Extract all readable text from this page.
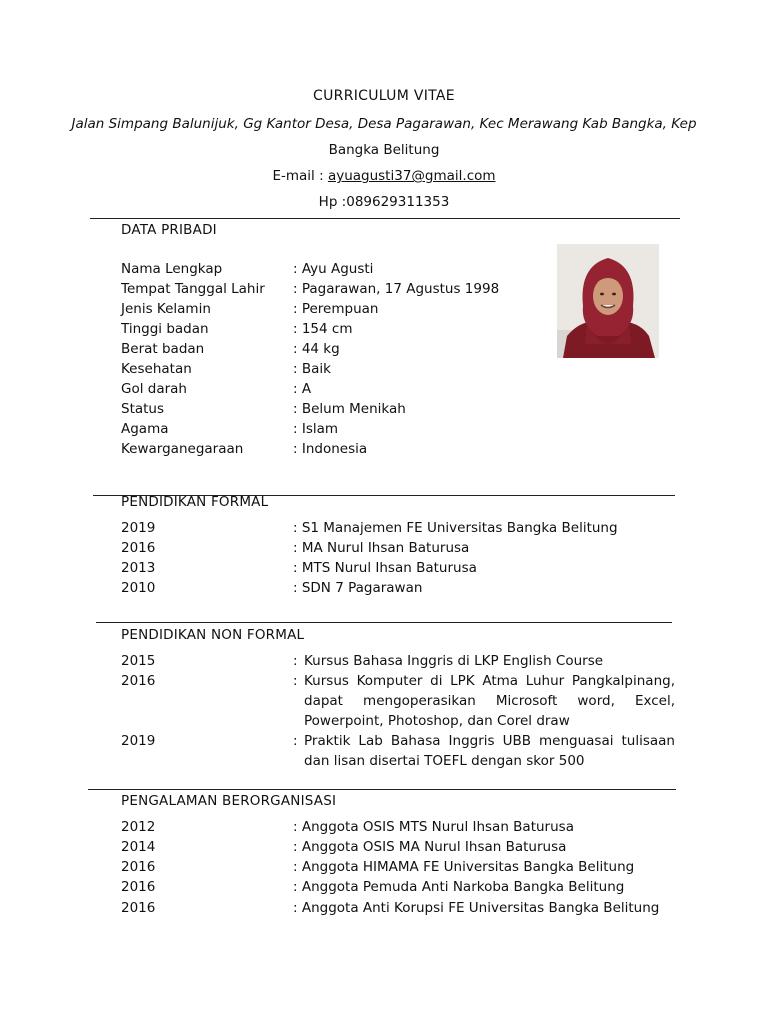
CURRICULUM VITAE
Jalan Simpang Balunijuk, Gg Kantor Desa, Desa Pagarawan, Kec Merawang Kab Bangka, Kep
Bangka Belitung
E-mail : ayuagusti37@gmail.com
Hp :089629311353
DATA PRIBADI
Nama Lengkap	: Ayu Agusti
Tempat Tanggal Lahir : Pagarawan, 17 Agustus 1998
Jenis Kelamin	: Perempuan
Tinggi badan	: 154 cm
Berat badan	: 44 kg
Kesehatan	: Baik
Gol darah	: A
Status	: Belum Menikah
Agama	: Islam
Kewarganegaraan	: Indonesia
PENDIDIKAN FORMAL
2019	: S1 Manajemen FE Universitas Bangka Belitung
2016	: MA Nurul Ihsan Baturusa
2013	: MTS Nurul Ihsan Baturusa
2010	: SDN 7 Pagarawan
PENDIDIKAN NON FORMAL
2015	: Kursus Bahasa Inggris di LKP English Course
2016	: Kursus Komputer di LPK Atma Luhur Pangkalpinang, dapat mengoperasikan Microsoft word, Excel, Powerpoint, Photoshop, dan Corel draw
2019	: Praktik Lab Bahasa Inggris UBB menguasai tulisaan dan lisan disertai TOEFL dengan skor 500
PENGALAMAN BERORGANISASI
2012	: Anggota OSIS MTS Nurul Ihsan Baturusa
2014	: Anggota OSIS MA Nurul Ihsan Baturusa
2016	: Anggota HIMAMA FE Universitas Bangka Belitung
2016	: Anggota Pemuda Anti Narkoba Bangka Belitung
2016	: Anggota Anti Korupsi FE Universitas Bangka Belitung
